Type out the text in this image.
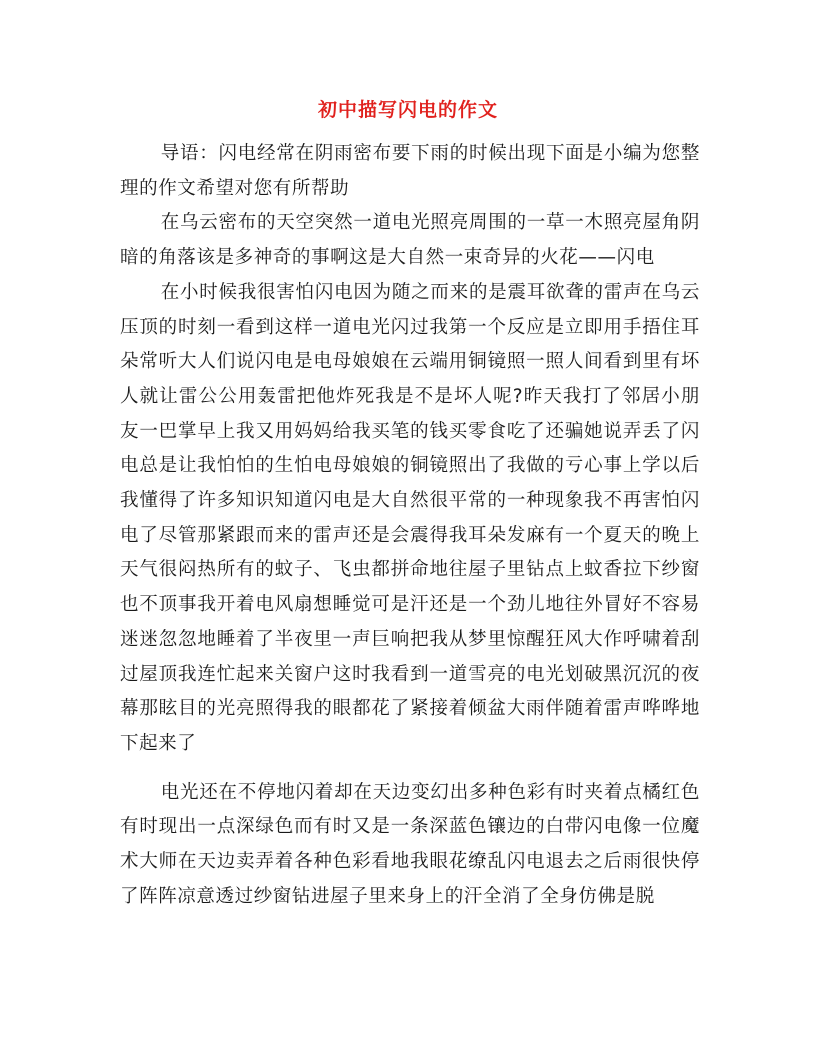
初中描写闪电的作文

导语：闪电经常在阴雨密布要下雨的时候出现下面是小编为您整理的作文希望对您有所帮助

在乌云密布的天空突然一道电光照亮周围的一草一木照亮屋角阴暗的角落该是多神奇的事啊这是大自然一束奇异的火花——闪电

在小时候我很害怕闪电因为随之而来的是震耳欲聋的雷声在乌云压顶的时刻一看到这样一道电光闪过我第一个反应是立即用手捂住耳朵常听大人们说闪电是电母娘娘在云端用铜镜照一照人间看到里有坏人就让雷公公用轰雷把他炸死我是不是坏人呢?昨天我打了邻居小朋友一巴掌早上我又用妈妈给我买笔的钱买零食吃了还骗她说弄丢了闪电总是让我怕怕的生怕电母娘娘的铜镜照出了我做的亏心事上学以后我懂得了许多知识知道闪电是大自然很平常的一种现象我不再害怕闪电了尽管那紧跟而来的雷声还是会震得我耳朵发麻有一个夏天的晚上天气很闷热所有的蚊子、飞虫都拼命地往屋子里钻点上蚊香拉下纱窗也不顶事我开着电风扇想睡觉可是汗还是一个劲儿地往外冒好不容易迷迷忽忽地睡着了半夜里一声巨响把我从梦里惊醒狂风大作呼啸着刮过屋顶我连忙起来关窗户这时我看到一道雪亮的电光划破黑沉沉的夜幕那眩目的光亮照得我的眼都花了紧接着倾盆大雨伴随着雷声哗哗地下起来了

电光还在不停地闪着却在天边变幻出多种色彩有时夹着点橘红色有时现出一点深绿色而有时又是一条深蓝色镶边的白带闪电像一位魔术大师在天边卖弄着各种色彩看地我眼花缭乱闪电退去之后雨很快停了阵阵凉意透过纱窗钻进屋子里来身上的汗全消了全身仿佛是脱
